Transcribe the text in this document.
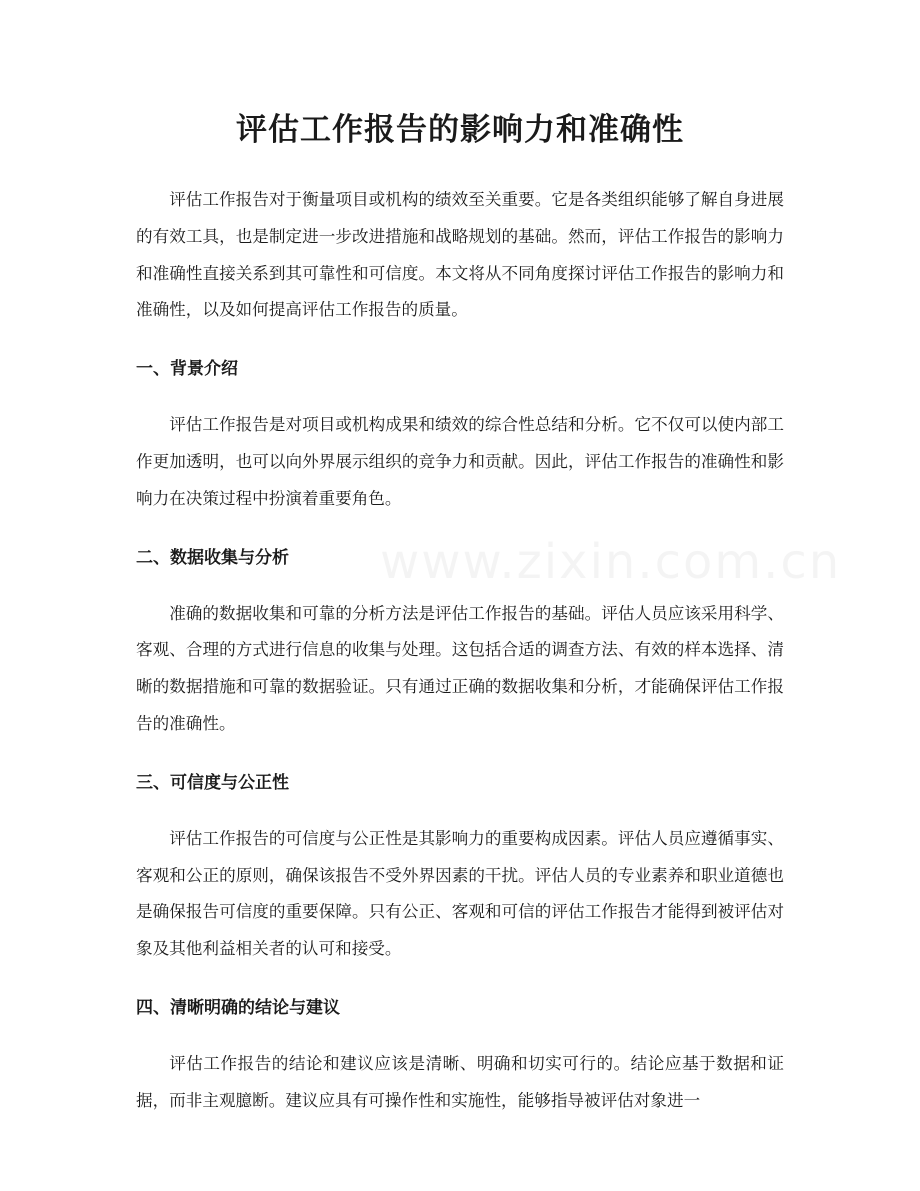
评估工作报告的影响力和准确性

评估工作报告对于衡量项目或机构的绩效至关重要。它是各类组织能够了解自身进展的有效工具，也是制定进一步改进措施和战略规划的基础。然而，评估工作报告的影响力和准确性直接关系到其可靠性和可信度。本文将从不同角度探讨评估工作报告的影响力和准确性，以及如何提高评估工作报告的质量。

一、背景介绍

评估工作报告是对项目或机构成果和绩效的综合性总结和分析。它不仅可以使内部工作更加透明，也可以向外界展示组织的竞争力和贡献。因此，评估工作报告的准确性和影响力在决策过程中扮演着重要角色。

二、数据收集与分析

准确的数据收集和可靠的分析方法是评估工作报告的基础。评估人员应该采用科学、客观、合理的方式进行信息的收集与处理。这包括合适的调查方法、有效的样本选择、清晰的数据措施和可靠的数据验证。只有通过正确的数据收集和分析，才能确保评估工作报告的准确性。

三、可信度与公正性

评估工作报告的可信度与公正性是其影响力的重要构成因素。评估人员应遵循事实、客观和公正的原则，确保该报告不受外界因素的干扰。评估人员的专业素养和职业道德也是确保报告可信度的重要保障。只有公正、客观和可信的评估工作报告才能得到被评估对象及其他利益相关者的认可和接受。

四、清晰明确的结论与建议

评估工作报告的结论和建议应该是清晰、明确和切实可行的。结论应基于数据和证据，而非主观臆断。建议应具有可操作性和实施性，能够指导被评估对象进一
